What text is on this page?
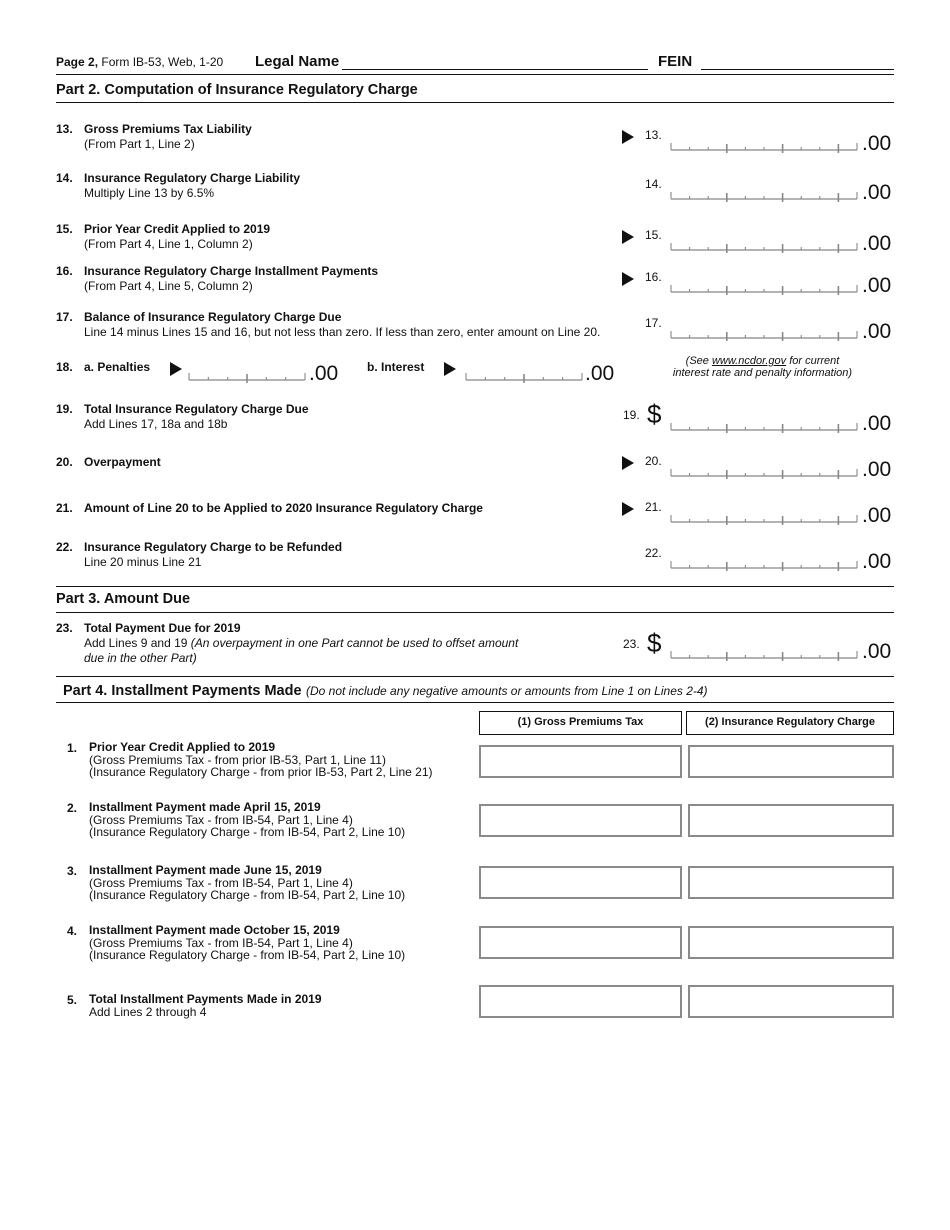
Page 2, Form IB-53, Web, 1-20 Legal Name	FEIN
Part 2. Computation of Insurance Regulatory Charge
13. Gross Premiums Tax Liability
(From Part 1, Line 2)
13.	.00
14. Insurance Regulatory Charge Liability
Multiply Line 13 by 6.5%
14.	.00
15. Prior Year Credit Applied to 2019
(From Part 4, Line 1, Column 2)
15.	.00
16. Insurance Regulatory Charge Installment Payments
(From Part 4, Line 5, Column 2)
16.	.00
17. Balance of Insurance Regulatory Charge Due
Line 14 minus Lines 15 and 16, but not less than zero. If less than zero, enter amount on Line 20.
17.	.00
19. Total Insurance Regulatory Charge Due
Add Lines 17, 18a and 18b
19. $	.00
20. Overpayment	20.	.00
21. Amount of Line 20 to be Applied to 2020 Insurance Regulatory Charge	21.	.00
22. Insurance Regulatory Charge to be Refunded
Line 20 minus Line 21
22.	.00
18. a. Penalties	.00 b. Interest	.00
(See www.ncdor.gov for current
interest rate and penalty information)
Part 3. Amount Due
23. Total Payment Due for 2019
Add Lines 9 and 19 (An overpayment in one Part cannot be used to offset amount
due in the other Part)
23. $	.00
Part 4. Installment Payments Made (Do not include any negative amounts or amounts from Line 1 on Lines 2-4)
(1) Gross Premiums Tax	(2) Insurance Regulatory Charge
1. Prior Year Credit Applied to 2019
(Gross Premiums Tax - from prior IB-53, Part 1, Line 11)
(Insurance Regulatory Charge - from prior IB-53, Part 2, Line 21)
2. Installment Payment made April 15, 2019
(Gross Premiums Tax - from IB-54, Part 1, Line 4)
(Insurance Regulatory Charge - from IB-54, Part 2, Line 10)
3. Installment Payment made June 15, 2019
(Gross Premiums Tax - from IB-54, Part 1, Line 4)
(Insurance Regulatory Charge - from IB-54, Part 2, Line 10)
4. Installment Payment made October 15, 2019
(Gross Premiums Tax - from IB-54, Part 1, Line 4)
(Insurance Regulatory Charge - from IB-54, Part 2, Line 10)
5. Total Installment Payments Made in 2019
Add Lines 2 through 4
